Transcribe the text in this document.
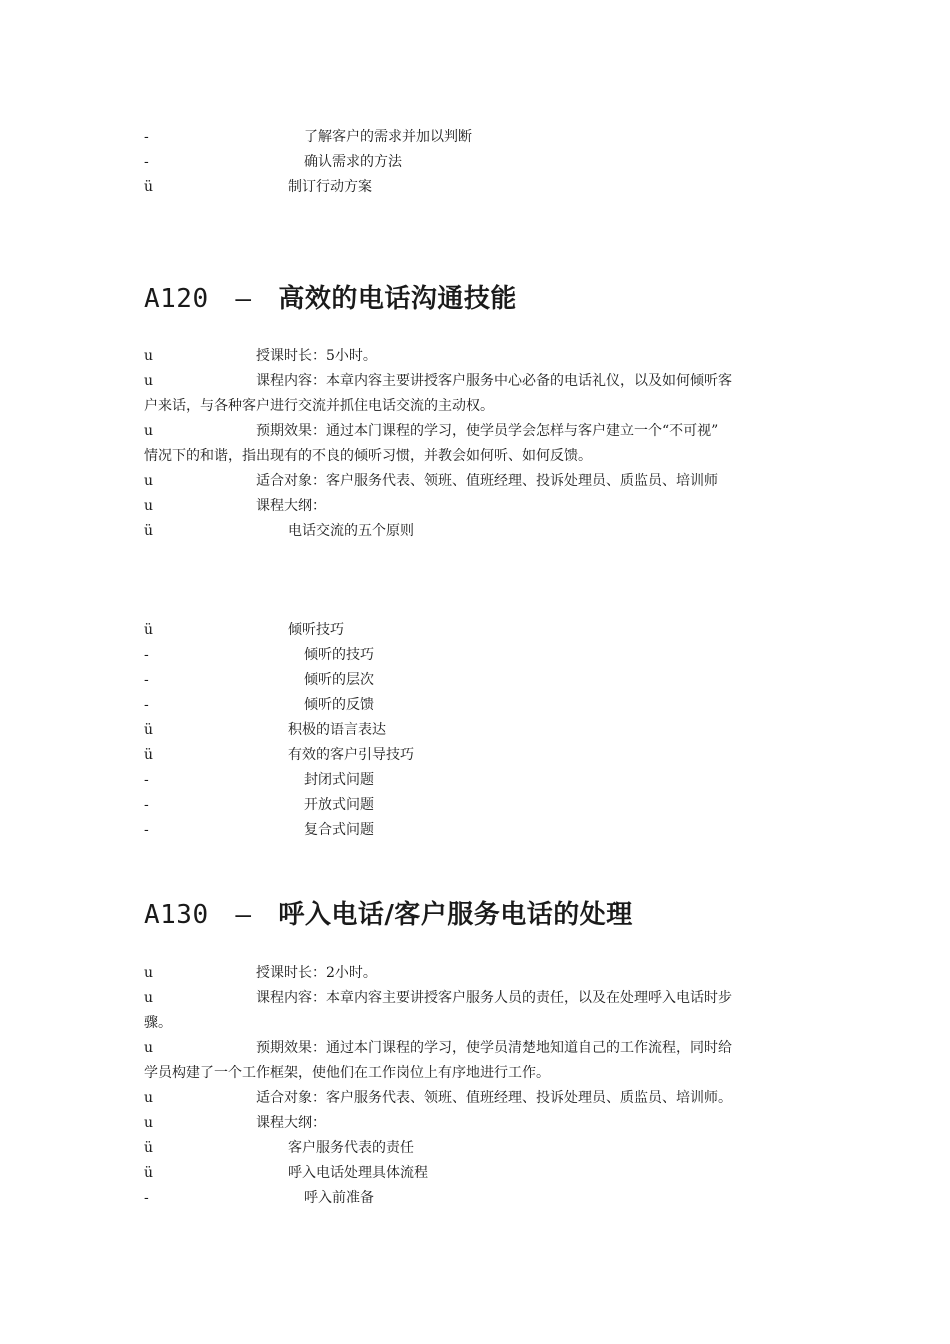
-	了解客户的需求并加以判断
-	确认需求的方法
ü	制订行动方案
A120 – 高效的电话沟通技能
u	授课时长：5小时。
u	课程内容：本章内容主要讲授客户服务中心必备的电话礼仪，以及如何倾听客
户来话，与各种客户进行交流并抓住电话交流的主动权。
u	预期效果：通过本门课程的学习，使学员学会怎样与客户建立一个“不可视”
情况下的和谐，指出现有的不良的倾听习惯，并教会如何听、如何反馈。
u	适合对象：客户服务代表、领班、值班经理、投诉处理员、质监员、培训师
u	课程大纲：
ü	电话交流的五个原则
ü	倾听技巧
-	倾听的技巧
-	倾听的层次
-	倾听的反馈
ü	积极的语言表达
ü	有效的客户引导技巧
-	封闭式问题
-	开放式问题
-	复合式问题
A130 – 呼入电话/客户服务电话的处理
u	授课时长：2小时。
u	课程内容：本章内容主要讲授客户服务人员的责任，以及在处理呼入电话时步
骤。
u	预期效果：通过本门课程的学习，使学员清楚地知道自己的工作流程，同时给
学员构建了一个工作框架，使他们在工作岗位上有序地进行工作。
u	适合对象：客户服务代表、领班、值班经理、投诉处理员、质监员、培训师。
u	课程大纲：
ü	客户服务代表的责任
ü	呼入电话处理具体流程
-	呼入前准备
